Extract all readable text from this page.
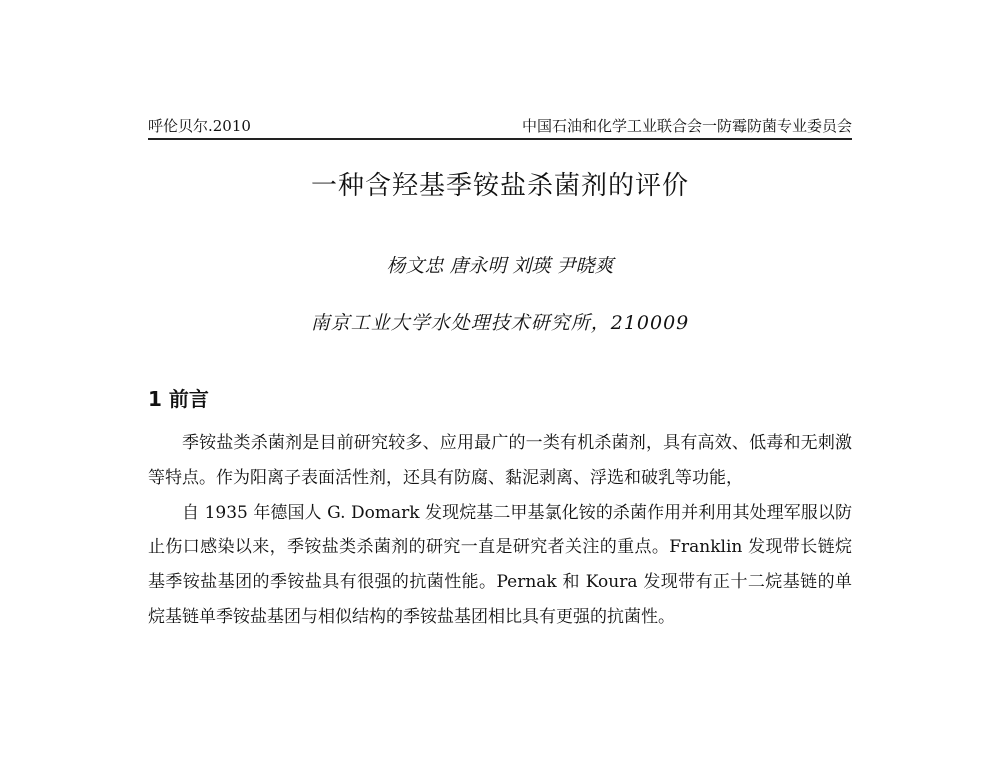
呼伦贝尔.2010	中国石油和化学工业联合会一防霉防菌专业委员会
一种含羟基季铵盐杀菌剂的评价
杨文忠 唐永明 刘瑛 尹晓爽
南京工业大学水处理技术研究所，210009
1 前言

季铵盐类杀菌剂是目前研究较多、应用最广的一类有机杀菌剂，具有高效、低毒和无刺激等特点。作为阳离子表面活性剂，还具有防腐、黏泥剥离、浮选和破乳等功能，

自 1935 年德国人 G. Domark 发现烷基二甲基氯化铵的杀菌作用并利用其处理军服以防止伤口感染以来，季铵盐类杀菌剂的研究一直是研究者关注的重点。Franklin 发现带长链烷基季铵盐基团的季铵盐具有很强的抗菌性能。Pernak 和 Koura 发现带有正十二烷基链的单烷基链单季铵盐基团与相似结构的季铵盐基团相比具有更强的抗菌性。
